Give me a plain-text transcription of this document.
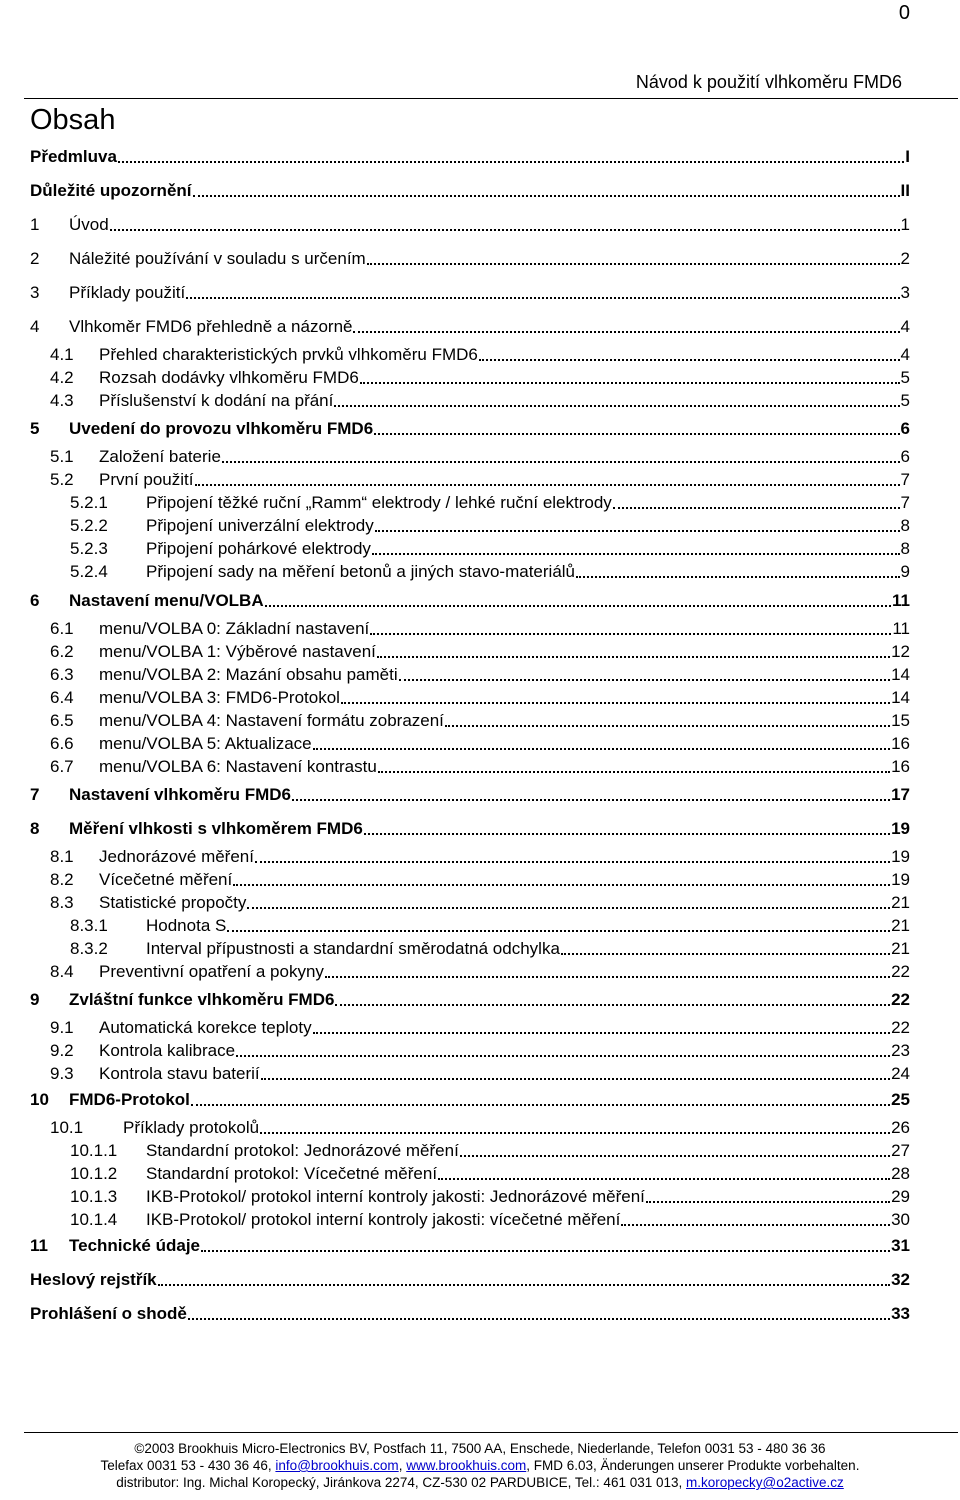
0
Návod k použití vlhkoměru FMD6
Obsah
Předmluva	I
Důležité upozornění	II
1	Úvod	1
2	Náležité používání v souladu s určením	2
3	Příklady použití	3
4	Vlhkoměr FMD6 přehledně a názorně	4
4.1	Přehled charakteristických prvků vlhkoměru FMD6	4
4.2	Rozsah dodávky vlhkoměru FMD6	5
4.3	Příslušenství k dodání na přání	5
5	Uvedení do provozu vlhkoměru FMD6	6
5.1	Založení baterie	6
5.2	První použití	7
5.2.1	Připojení těžké ruční „Ramm“ elektrody / lehké ruční elektrody	7
5.2.2	Připojení univerzální elektrody	8
5.2.3	Připojení pohárkové elektrody	8
5.2.4	Připojení sady na měření betonů a jiných stavo-materiálů	9
6	Nastavení menu/VOLBA	11
6.1	menu/VOLBA 0: Základní nastavení	11
6.2	menu/VOLBA 1: Výběrové nastavení	12
6.3	menu/VOLBA 2: Mazání obsahu paměti	14
6.4	menu/VOLBA 3: FMD6-Protokol	14
6.5	menu/VOLBA 4: Nastavení formátu zobrazení	15
6.6	menu/VOLBA 5: Aktualizace	16
6.7	menu/VOLBA 6: Nastavení kontrastu	16
7	Nastavení vlhkoměru FMD6	17
8	Měření vlhkosti s vlhkoměrem FMD6	19
8.1	Jednorázové měření	19
8.2	Vícečetné měření	19
8.3	Statistické propočty	21
8.3.1	Hodnota S	21
8.3.2	Interval přípustnosti a standardní směrodatná odchylka	21
8.4	Preventivní opatření a pokyny	22
9	Zvláštní funkce vlhkoměru FMD6	22
9.1	Automatická korekce teploty	22
9.2	Kontrola kalibrace	23
9.3	Kontrola stavu baterií	24
10	FMD6-Protokol	25
10.1	Příklady protokolů	26
10.1.1	Standardní protokol: Jednorázové měření	27
10.1.2	Standardní protokol: Vícečetné měření	28
10.1.3	IKB-Protokol/ protokol interní kontroly jakosti: Jednorázové měření	29
10.1.4	IKB-Protokol/ protokol interní kontroly jakosti: vícečetné měření	30
11	Technické údaje	31
Heslový rejstřík	32
Prohlášení o shodě	33
©2003 Brookhuis Micro-Electronics BV, Postfach 11, 7500 AA, Enschede, Niederlande, Telefon 0031 53 - 480 36 36
Telefax 0031 53 - 430 36 46, info@brookhuis.com, www.brookhuis.com, FMD 6.03, Änderungen unserer Produkte vorbehalten.
distributor: Ing. Michal Koropecký, Jiránkova 2274, CZ-530 02 PARDUBICE, Tel.: 461 031 013, m.koropecky@o2active.cz
